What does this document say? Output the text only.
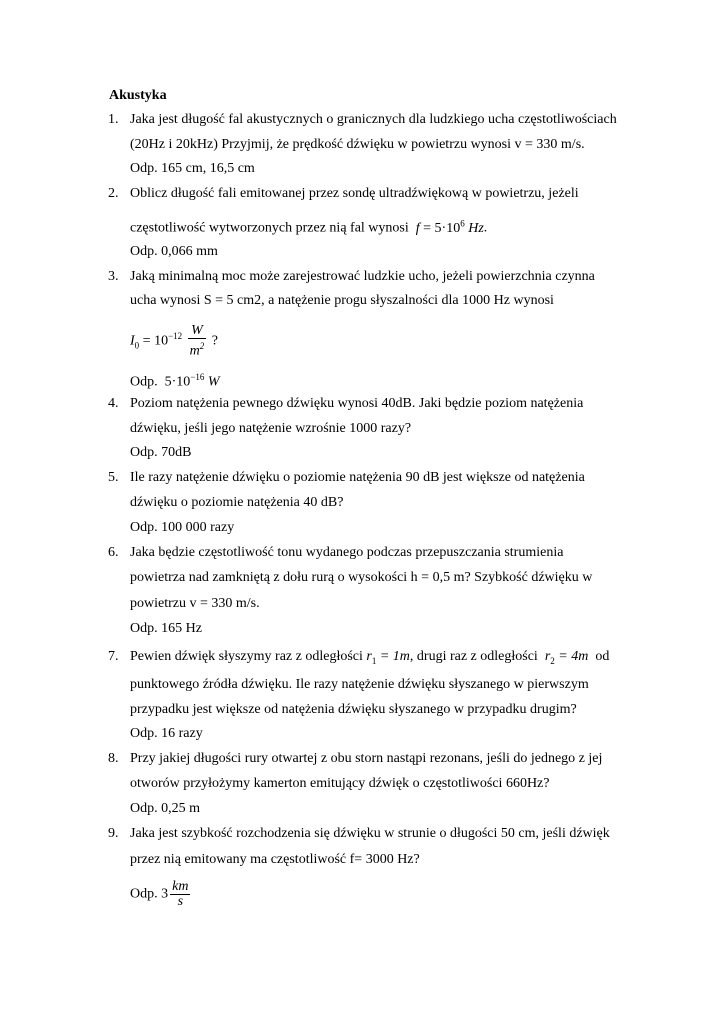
Akustyka
1. Jaka jest długość fal akustycznych o granicznych dla ludzkiego ucha częstotliwościach
(20Hz i 20kHz) Przyjmij, że prędkość dźwięku w powietrzu wynosi v = 330 m/s.
Odp. 165 cm, 16,5 cm
2. Oblicz długość fali emitowanej przez sondę ultradźwiękową w powietrzu, jeżeli
częstotliwość wytworzonych przez nią fal wynosi $f = 5\cdot 10^6$ Hz.
Odp. 0,066 mm
3. Jaką minimalną moc może zarejestrować ludzkie ucho, jeżeli powierzchnia czynna
ucha wynosi S = 5 cm2, a natężenie progu słyszalności dla 1000 Hz wynosi
$I_0 = 10^{-12} \frac{W}{m^2}$ ?
Odp. $5\cdot 10^{-16}$ W
4. Poziom natężenia pewnego dźwięku wynosi 40dB. Jaki będzie poziom natężenia
dźwięku, jeśli jego natężenie wzrośnie 1000 razy?
Odp. 70dB
5. Ile razy natężenie dźwięku o poziomie natężenia 90 dB jest większe od natężenia
dźwięku o poziomie natężenia 40 dB?
Odp. 100 000 razy
6. Jaka będzie częstotliwość tonu wydanego podczas przepuszczania strumienia
powietrza nad zamkniętą z dołu rurą o wysokości h = 0,5 m? Szybkość dźwięku w
powietrzu v = 330 m/s.
Odp. 165 Hz
7. Pewien dźwięk słyszymy raz z odległości $r_1 = 1m$, drugi raz z odległości $r_2 = 4m$ od
punktowego źródła dźwięku. Ile razy natężenie dźwięku słyszanego w pierwszym
przypadku jest większe od natężenia dźwięku słyszanego w przypadku drugim?
Odp. 16 razy
8. Przy jakiej długości rury otwartej z obu storn nastąpi rezonans, jeśli do jednego z jej
otworów przyłożymy kamerton emitujący dźwięk o częstotliwości 660Hz?
Odp. 0,25 m
9. Jaka jest szybkość rozchodzenia się dźwięku w strunie o długości 50 cm, jeśli dźwięk
przez nią emitowany ma częstotliwość f= 3000 Hz?
Odp. $3 \frac{km}{s}$
